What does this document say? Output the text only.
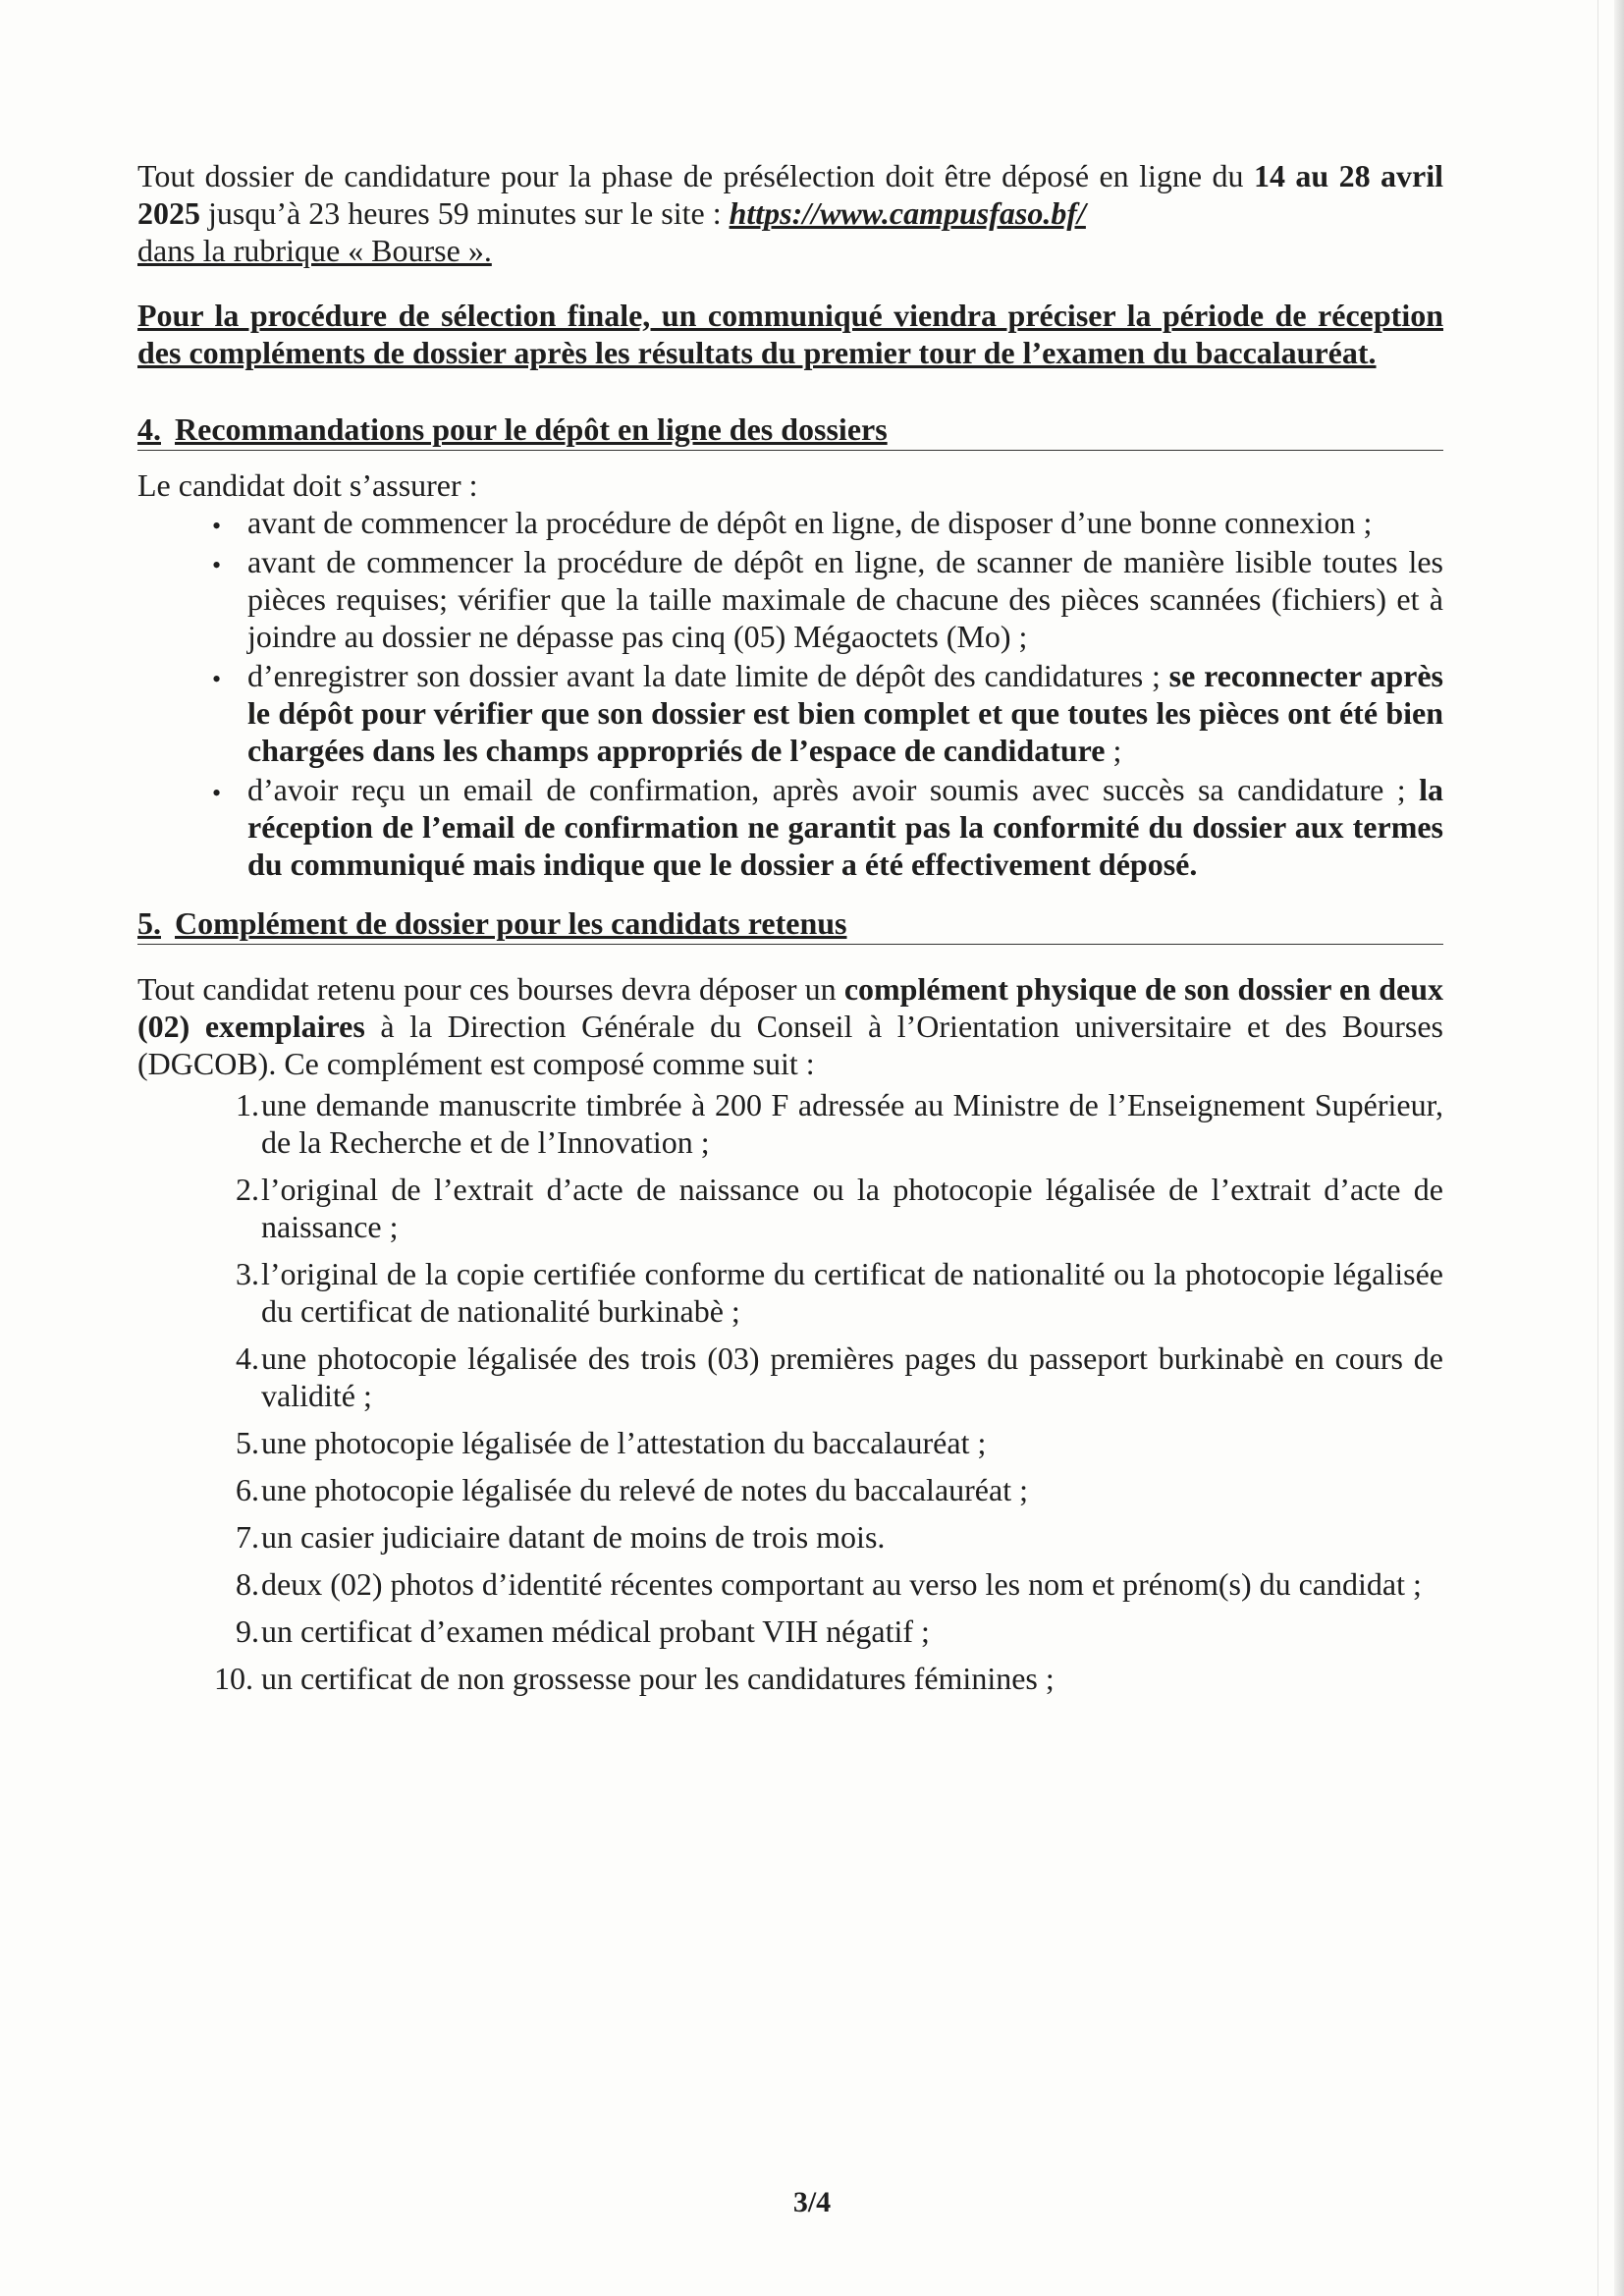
Tout dossier de candidature pour la phase de présélection doit être déposé en ligne du 14 au 28 avril 2025 jusqu’à 23 heures 59 minutes sur le site : https://www.campusfaso.bf/
dans la rubrique « Bourse ».

Pour la procédure de sélection finale, un communiqué viendra préciser la période de réception des compléments de dossier après les résultats du premier tour de l’examen du baccalauréat.

4. Recommandations pour le dépôt en ligne des dossiers

Le candidat doit s’assurer :

• avant de commencer la procédure de dépôt en ligne, de disposer d’une bonne connexion ;
• avant de commencer la procédure de dépôt en ligne, de scanner de manière lisible toutes les pièces requises; vérifier que la taille maximale de chacune des pièces scannées (fichiers) et à joindre au dossier ne dépasse pas cinq (05) Mégaoctets (Mo) ;
• d’enregistrer son dossier avant la date limite de dépôt des candidatures ; se reconnecter après le dépôt pour vérifier que son dossier est bien complet et que toutes les pièces ont été bien chargées dans les champs appropriés de l’espace de candidature ;
• d’avoir reçu un email de confirmation, après avoir soumis avec succès sa candidature ; la réception de l’email de confirmation ne garantit pas la conformité du dossier aux termes du communiqué mais indique que le dossier a été effectivement déposé.
5. Complément de dossier pour les candidats retenus

Tout candidat retenu pour ces bourses devra déposer un complément physique de son dossier en deux (02) exemplaires à la Direction Générale du Conseil à l’Orientation universitaire et des Bourses (DGCOB). Ce complément est composé comme suit :

1. une demande manuscrite timbrée à 200 F adressée au Ministre de l’Enseignement Supérieur, de la Recherche et de l’Innovation ;
2. l’original de l’extrait d’acte de naissance ou la photocopie légalisée de l’extrait d’acte de naissance ;
3. l’original de la copie certifiée conforme du certificat de nationalité ou la photocopie légalisée du certificat de nationalité burkinabè ;
4. une photocopie légalisée des trois (03) premières pages du passeport burkinabè en cours de validité ;
5. une photocopie légalisée de l’attestation du baccalauréat ;
6. une photocopie légalisée du relevé de notes du baccalauréat ;
7. un casier judiciaire datant de moins de trois mois.
8. deux (02) photos d’identité récentes comportant au verso les nom et prénom(s) du candidat ;
9. un certificat d’examen médical probant VIH négatif ;
10. un certificat de non grossesse pour les candidatures féminines ;
3/4
